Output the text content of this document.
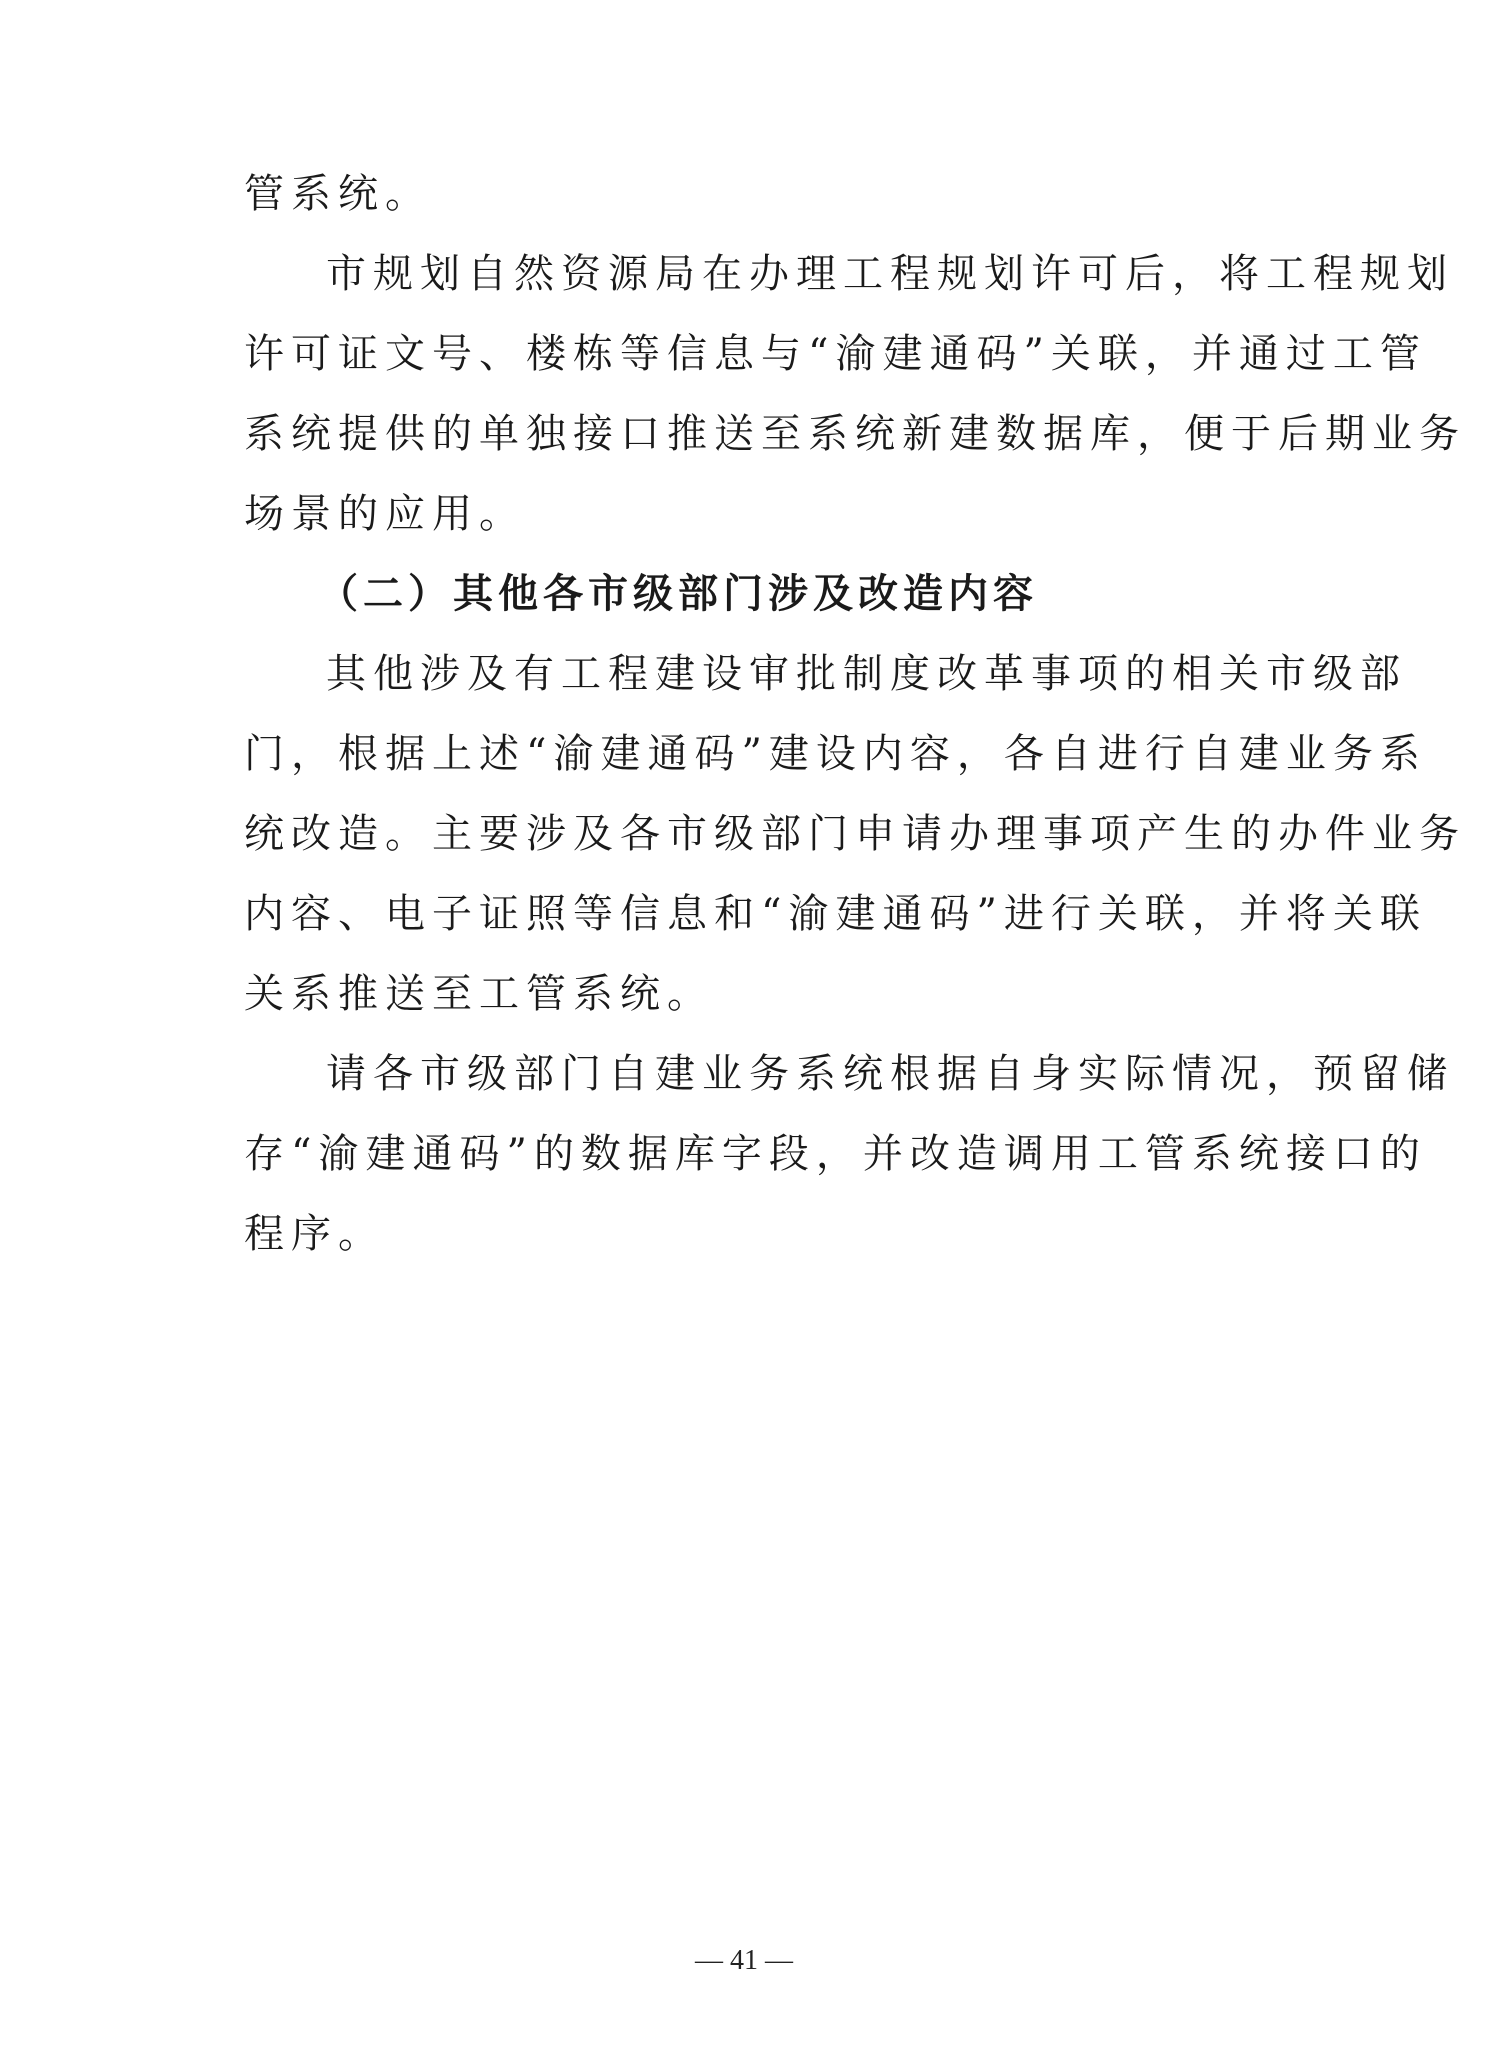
管系统。
市规划自然资源局在办理工程规划许可后，将工程规划
许可证文号、楼栋等信息与“渝建通码”关联，并通过工管
系统提供的单独接口推送至系统新建数据库，便于后期业务
场景的应用。
（二）其他各市级部门涉及改造内容
其他涉及有工程建设审批制度改革事项的相关市级部
门，根据上述“渝建通码”建设内容，各自进行自建业务系
统改造。主要涉及各市级部门申请办理事项产生的办件业务
内容、电子证照等信息和“渝建通码”进行关联，并将关联
关系推送至工管系统。
请各市级部门自建业务系统根据自身实际情况，预留储
存“渝建通码”的数据库字段，并改造调用工管系统接口的
程序。
— 41 —
